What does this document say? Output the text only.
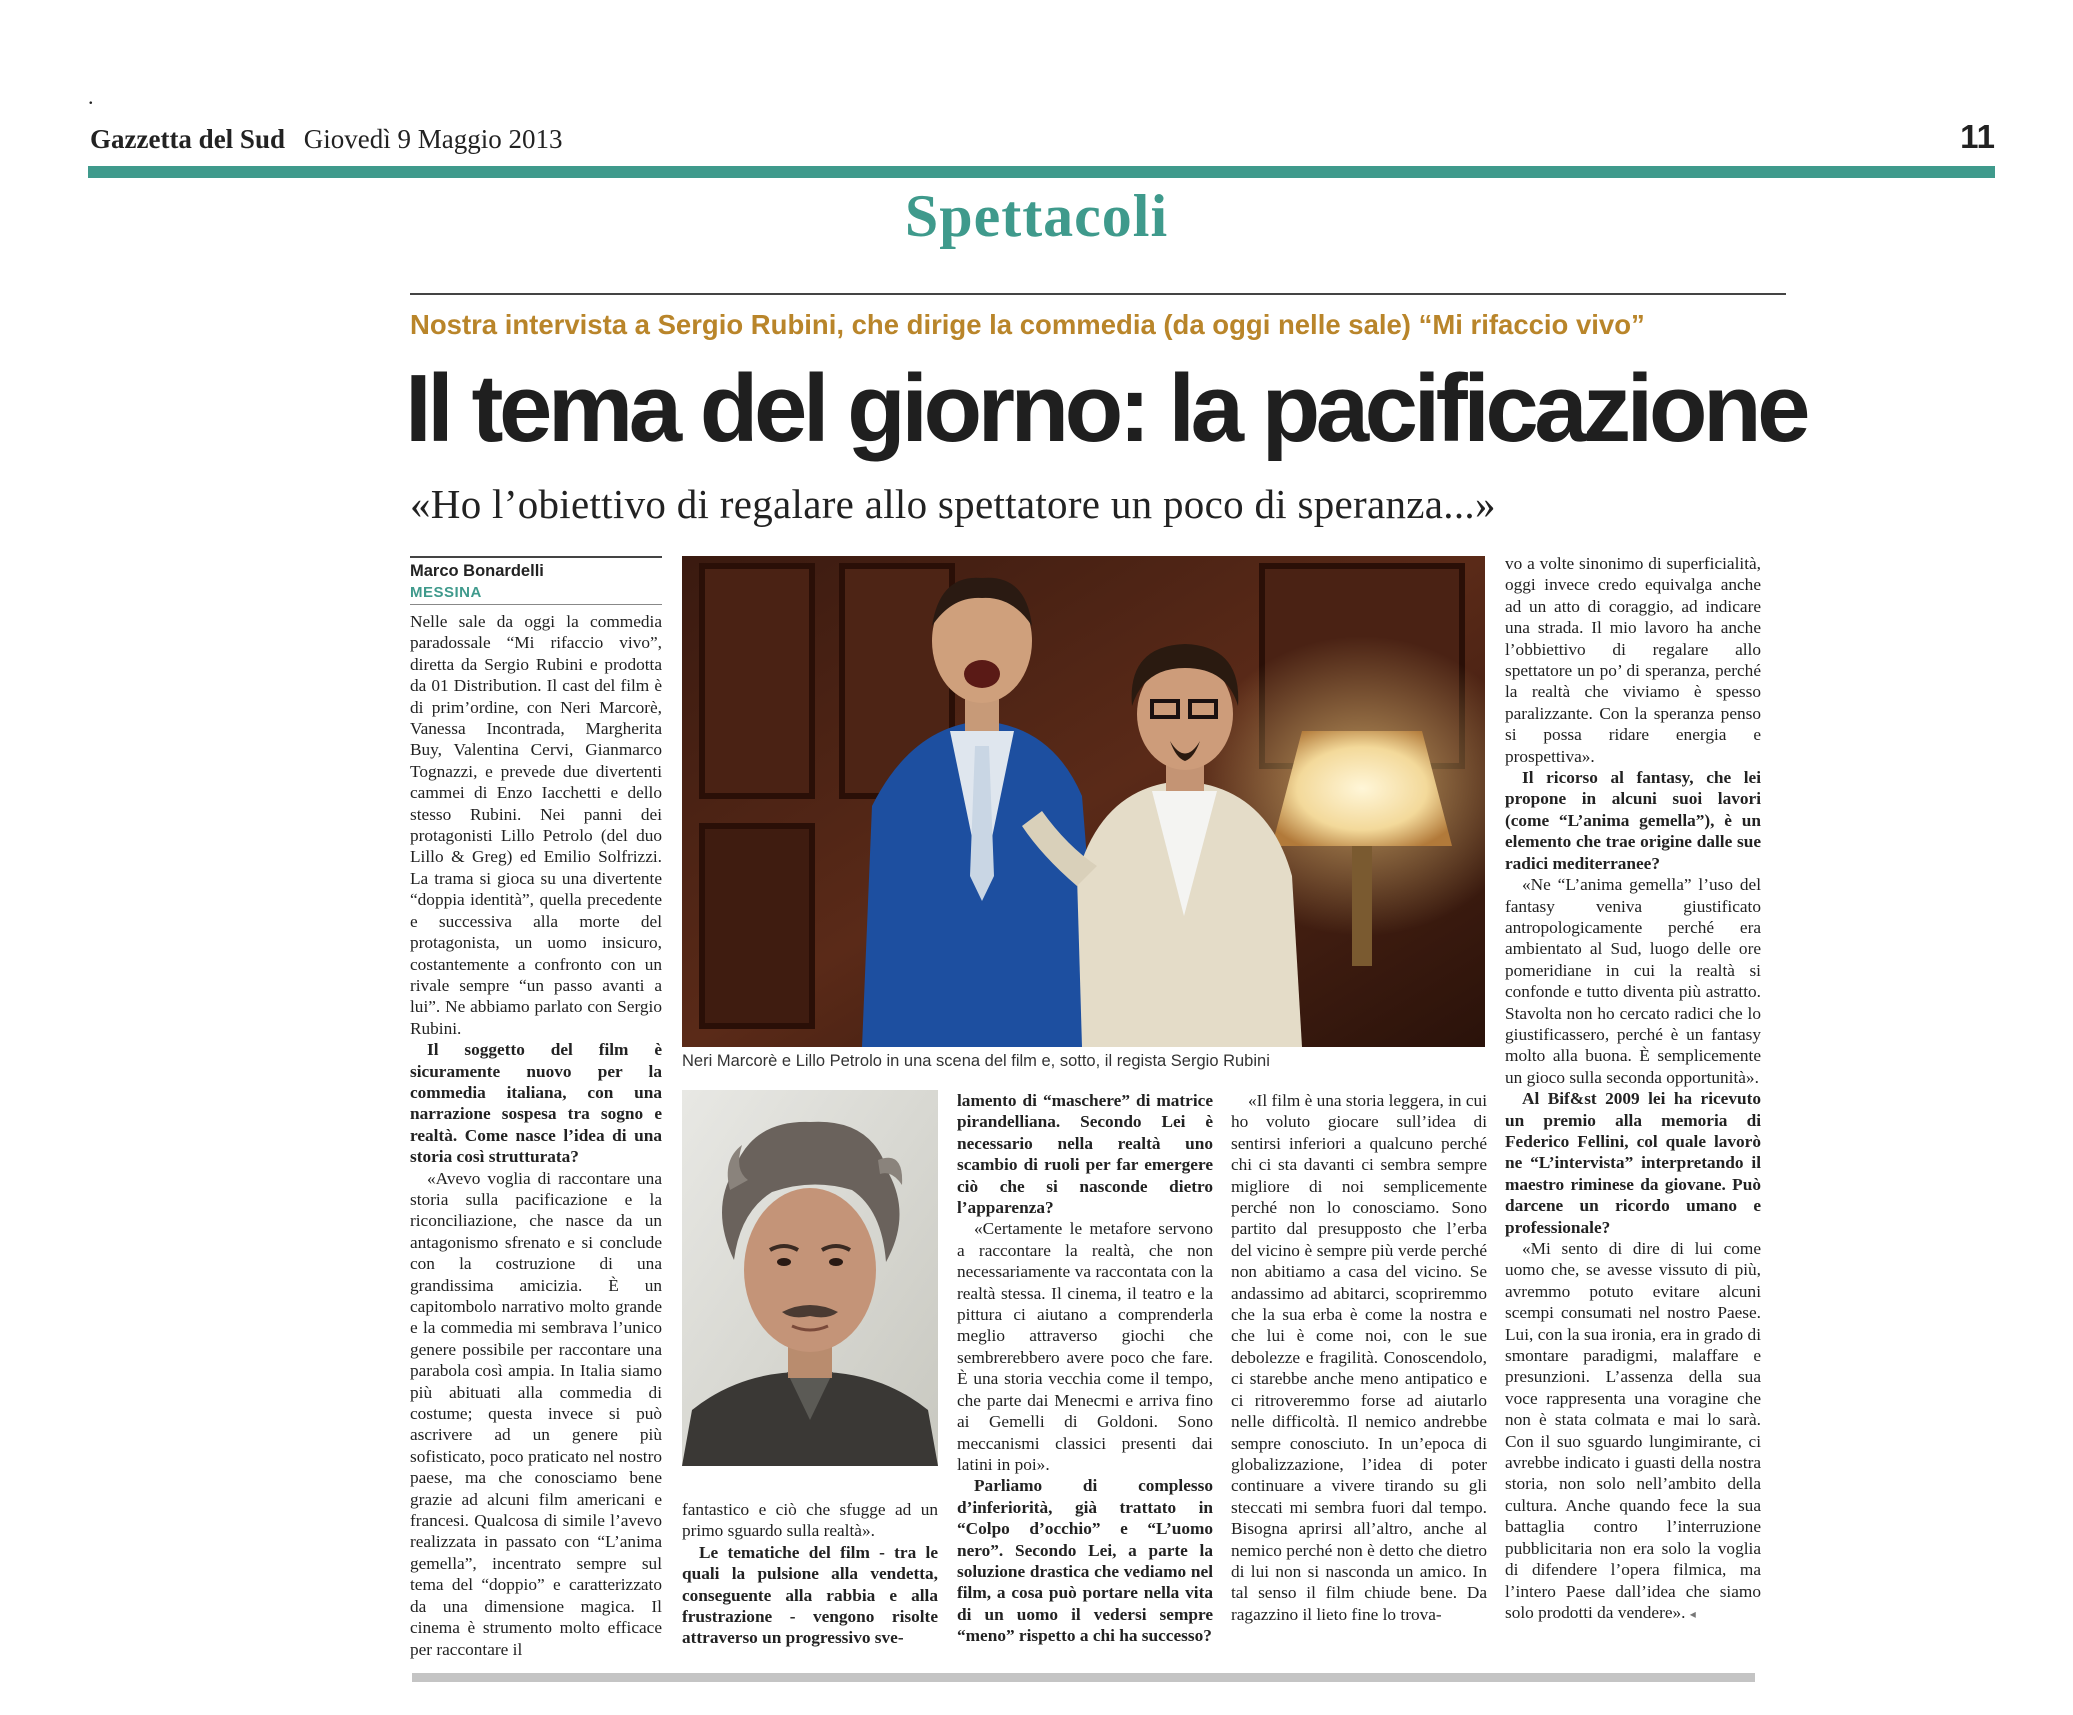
.
Gazzetta del Sud Giovedì 9 Maggio 2013	11
Spettacoli
Nostra intervista a Sergio Rubini, che dirige la commedia (da oggi nelle sale) “Mi rifaccio vivo”
Il tema del giorno: la pacificazione
«Ho l’obiettivo di regalare allo spettatore un poco di speranza...»
Marco Bonardelli
MESSINA

Nelle sale da oggi la commedia paradossale “Mi rifaccio vivo”, diretta da Sergio Rubini e prodotta da 01 Distribution. Il cast del film è di prim’ordine, con Neri Marcorè, Vanessa Incontrada, Margherita Buy, Valentina Cervi, Gianmarco Tognazzi, e prevede due divertenti cammei di Enzo Iacchetti e dello stesso Rubini. Nei panni dei protagonisti Lillo Petrolo (del duo Lillo & Greg) ed Emilio Solfrizzi. La trama si gioca su una divertente “doppia identità”, quella precedente e successiva alla morte del protagonista, un uomo insicuro, costantemente a confronto con un rivale sempre “un passo avanti a lui”. Ne abbiamo parlato con Sergio Rubini.

Il soggetto del film è sicuramente nuovo per la commedia italiana, con una narrazione sospesa tra sogno e realtà. Come nasce l’idea di una storia così strutturata?

«Avevo voglia di raccontare una storia sulla pacificazione e la riconciliazione, che nasce da un antagonismo sfrenato e si conclude con la costruzione di una grandissima amicizia. È un capitombolo narrativo molto grande e la commedia mi sembrava l’unico genere possibile per raccontare una parabola così ampia. In Italia siamo più abituati alla commedia di costume; questa invece si può ascrivere ad un genere più sofisticato, poco praticato nel nostro paese, ma che conosciamo bene grazie ad alcuni film americani e francesi. Qualcosa di simile l’avevo realizzata in passato con “L’anima gemella”, incentrato sempre sul tema del “doppio” e caratterizzato da una dimensione magica. Il cinema è strumento molto efficace per raccontare il

Neri Marcorè e Lillo Petrolo in una scena del film e, sotto, il regista Sergio Rubini

fantastico e ciò che sfugge ad un primo sguardo sulla realtà».

Le tematiche del film - tra le quali la pulsione alla vendetta, conseguente alla rabbia e alla frustrazione - vengono risolte attraverso un progressivo sve-

lamento di “maschere” di matrice pirandelliana. Secondo Lei è necessario nella realtà uno scambio di ruoli per far emergere ciò che si nasconde dietro l’apparenza?

«Certamente le metafore servono a raccontare la realtà, che non necessariamente va raccontata con la realtà stessa. Il cinema, il teatro e la pittura ci aiutano a comprenderla meglio attraverso giochi che sembrerebbero avere poco che fare. È una storia vecchia come il tempo, che parte dai Menecmi e arriva fino ai Gemelli di Goldoni. Sono meccanismi classici presenti dai latini in poi».

Parliamo di complesso d’inferiorità, già trattato in “Colpo d’occhio” e “L’uomo nero”. Secondo Lei, a parte la soluzione drastica che vediamo nel film, a cosa può portare nella vita di un uomo il vedersi sempre “meno” rispetto a chi ha successo?

«Il film è una storia leggera, in cui ho voluto giocare sull’idea di sentirsi inferiori a qualcuno perché chi ci sta davanti ci sembra sempre migliore di noi semplicemente perché non lo conosciamo. Sono partito dal presupposto che l’erba del vicino è sempre più verde perché non abitiamo a casa del vicino. Se andassimo ad abitarci, scopriremmo che la sua erba è come la nostra e che lui è come noi, con le sue debolezze e fragilità. Conoscendolo, ci starebbe anche meno antipatico e ci ritroveremmo forse ad aiutarlo nelle difficoltà. Il nemico andrebbe sempre conosciuto. In un’epoca di globalizzazione, l’idea di poter continuare a vivere tirando su gli steccati mi sembra fuori dal tempo. Bisogna aprirsi all’altro, anche al nemico perché non è detto che dietro di lui non si nasconda un amico. In tal senso il film chiude bene. Da ragazzino il lieto fine lo trova-

vo a volte sinonimo di superficialità, oggi invece credo equivalga anche ad un atto di coraggio, ad indicare una strada. Il mio lavoro ha anche l’obbiettivo di regalare allo spettatore un po’ di speranza, perché la realtà che viviamo è spesso paralizzante. Con la speranza penso si possa ridare energia e prospettiva».

Il ricorso al fantasy, che lei propone in alcuni suoi lavori (come “L’anima gemella”), è un elemento che trae origine dalle sue radici mediterranee?

«Ne “L’anima gemella” l’uso del fantasy veniva giustificato antropologicamente perché era ambientato al Sud, luogo delle ore pomeridiane in cui la realtà si confonde e tutto diventa più astratto. Stavolta non ho cercato radici che lo giustificassero, perché è un fantasy molto alla buona. È semplicemente un gioco sulla seconda opportunità».

Al Bif&st 2009 lei ha ricevuto un premio alla memoria di Federico Fellini, col quale lavorò ne “L’intervista” interpretando il maestro riminese da giovane. Può darcene un ricordo umano e professionale?

«Mi sento di dire di lui come uomo che, se avesse vissuto di più, avremmo potuto evitare alcuni scempi consumati nel nostro Paese. Lui, con la sua ironia, era in grado di smontare paradigmi, malaffare e presunzioni. L’assenza della sua voce rappresenta una voragine che non è stata colmata e mai lo sarà. Con il suo sguardo lungimirante, ci avrebbe indicato i guasti della nostra storia, non solo nell’ambito della cultura. Anche quando fece la sua battaglia contro l’interruzione pubblicitaria non era solo la voglia di difendere l’opera filmica, ma l’intero Paese dall’idea che siamo solo prodotti da vendere». ◂
